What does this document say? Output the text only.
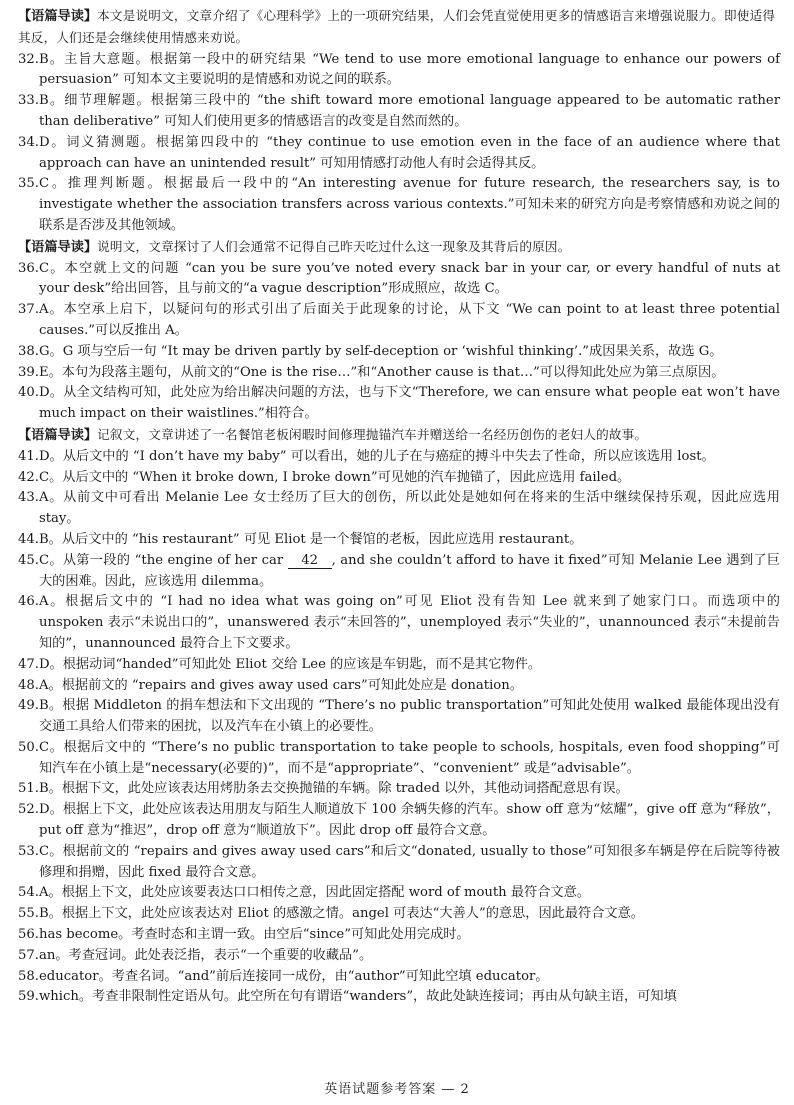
【语篇导读】本文是说明文，文章介绍了《心理科学》上的一项研究结果，人们会凭直觉使用更多的情感语言来增强说服力。即使适得其反，人们还是会继续使用情感来劝说。

32. B。主旨大意题。根据第一段中的研究结果 “We tend to use more emotional language to enhance our powers of persuasion” 可知本文主要说明的是情感和劝说之间的联系。
33. B。细节理解题。根据第三段中的 “the shift toward more emotional language appeared to be automatic rather than deliberative” 可知人们使用更多的情感语言的改变是自然而然的。
34. D。词义猜测题。根据第四段中的 “they continue to use emotion even in the face of an audience where that approach can have an unintended result” 可知用情感打动他人有时会适得其反。
35. C。推理判断题。根据最后一段中的“An interesting avenue for future research, the researchers say, is to investigate whether the association transfers across various contexts.”可知未来的研究方向是考察情感和劝说之间的联系是否涉及其他领域。

【语篇导读】说明文，文章探讨了人们会通常不记得自己昨天吃过什么这一现象及其背后的原因。

36. C。本空就上文的问题 “can you be sure you’ve noted every snack bar in your car, or every handful of nuts at your desk”给出回答，且与前文的“a vague description”形成照应，故选 C。
37. A。本空承上启下，以疑问句的形式引出了后面关于此现象的讨论，从下文 “We can point to at least three potential causes.”可以反推出 A。
38. G。G 项与空后一句 “It may be driven partly by self-deception or ‘wishful thinking’.”成因果关系，故选 G。
39. E。本句为段落主题句，从前文的“One is the rise…”和“Another cause is that…”可以得知此处应为第三点原因。
40. D。从全文结构可知，此处应为给出解决问题的方法，也与下文“Therefore, we can ensure what people eat won’t have much impact on their waistlines.”相符合。

【语篇导读】记叙文，文章讲述了一名餐馆老板闲暇时间修理抛锚汽车并赠送给一名经历创伤的老妇人的故事。

41. D。从后文中的 “I don’t have my baby” 可以看出，她的儿子在与癌症的搏斗中失去了性命，所以应该选用 lost。
42. C。从后文中的 “When it broke down, I broke down”可见她的汽车抛锚了，因此应选用 failed。
43. A。从前文中可看出 Melanie Lee 女士经历了巨大的创伤，所以此处是她如何在将来的生活中继续保持乐观，因此应选用 stay。
44. B。从后文中的 “his restaurant” 可见 Eliot 是一个餐馆的老板，因此应选用 restaurant。
45. C。从第一段的 “the engine of her car 42 , and she couldn’t afford to have it fixed”可知 Melanie Lee 遇到了巨大的困难。因此，应该选用 dilemma。
46. A。根据后文中的 “I had no idea what was going on”可见 Eliot 没有告知 Lee 就来到了她家门口。而选项中的 unspoken 表示“未说出口的”，unanswered 表示“未回答的”，unemployed 表示“失业的”，unannounced 表示“未提前告知的”，unannounced 最符合上下文要求。
47. D。根据动词“handed”可知此处 Eliot 交给 Lee 的应该是车钥匙，而不是其它物件。
48. A。根据前文的 “repairs and gives away used cars”可知此处应是 donation。
49. B。根据 Middleton 的捐车想法和下文出现的 “There’s no public transportation”可知此处使用 walked 最能体现出没有交通工具给人们带来的困扰，以及汽车在小镇上的必要性。
50. C。根据后文中的 “There’s no public transportation to take people to schools, hospitals, even food shopping”可知汽车在小镇上是“necessary(必要的)”，而不是“appropriate”、“convenient” 或是“advisable”。
51. B。根据下文，此处应该表达用烤肋条去交换抛锚的车辆。除 traded 以外，其他动词搭配意思有误。
52. D。根据上下文，此处应该表达用朋友与陌生人顺道放下 100 余辆失修的汽车。show off 意为“炫耀”，give off 意为“释放”，put off 意为“推迟”，drop off 意为“顺道放下”。因此 drop off 最符合文意。
53. C。根据前文的 “repairs and gives away used cars”和后文“donated, usually to those”可知很多车辆是停在后院等待被修理和捐赠，因此 fixed 最符合文意。
54. A。根据上下文，此处应该要表达口口相传之意，因此固定搭配 word of mouth 最符合文意。
55. B。根据上下文，此处应该表达对 Eliot 的感激之情。angel 可表达“大善人”的意思，因此最符合文意。
56. has become。考查时态和主谓一致。由空后“since”可知此处用完成时。
57. an。考查冠词。此处表泛指，表示“一个重要的收藏品”。
58. educator。考查名词。“and”前后连接同一成份，由“author”可知此空填 educator。
59. which。考查非限制性定语从句。此空所在句有谓语“wanders”，故此处缺连接词；再由从句缺主语，可知填
英语试题参考答案 — 2
